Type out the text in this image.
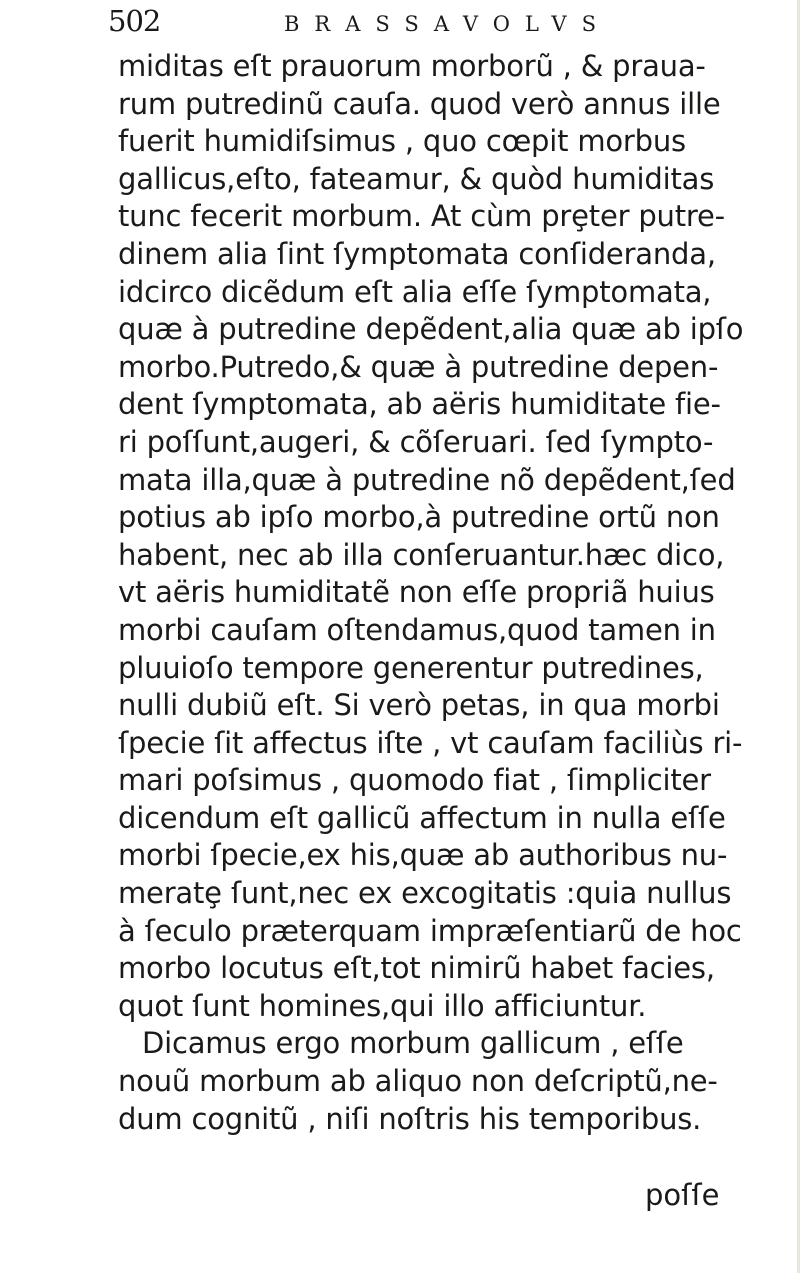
502	BRASSAVOLVS
miditas eſt prauorum morborũ , & praua-
rum putredinũ cauſa. quod verò annus ille
fuerit humidiſsimus , quo cœpit morbus
gallicus,eſto, fateamur, & quòd humiditas
tunc fecerit morbum. At cùm prȩter putre-
dinem alia ſint ſymptomata conſideranda,
idcirco dicẽdum eſt alia eſſe ſymptomata,
quæ à putredine depẽdent,alia quæ ab ipſo
morbo.Putredo,& quæ à putredine depen-
dent ſymptomata, ab aëris humiditate fie-
ri poſſunt,augeri, & cõſeruari. ſed ſympto-
mata illa,quæ à putredine nõ depẽdent,ſed
potius ab ipſo morbo,à putredine ortũ non
habent, nec ab illa conſeruantur.hæc dico,
vt aëris humiditatẽ non eſſe propriã huius
morbi cauſam oſtendamus,quod tamen in
pluuioſo tempore generentur putredines,
nulli dubiũ eſt. Si verò petas, in qua morbi
ſpecie ſit affectus iſte , vt cauſam faciliùs ri-
mari poſsimus , quomodo fiat , ſimpliciter
dicendum eſt gallicũ affectum in nulla eſſe
morbi ſpecie,ex his,quæ ab authoribus nu-
meratȩ ſunt,nec ex excogitatis :quia nullus
à ſeculo præterquam impræſentiarũ de hoc
morbo locutus eſt,tot nimirũ habet facies,
quot ſunt homines,qui illo afficiuntur.
Dicamus ergo morbum gallicum , eſſe
nouũ morbum ab aliquo non deſcriptũ,ne-
dum cognitũ , niſi noſtris his temporibus.
poſſe
